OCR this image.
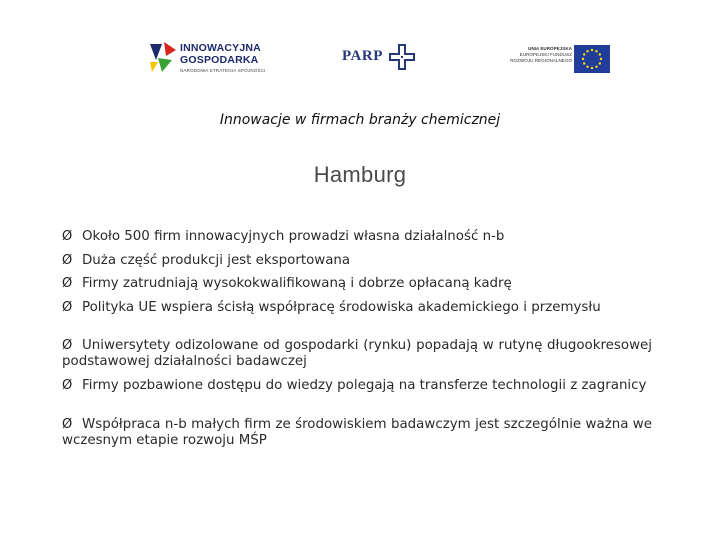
INNOWACYJNA
GOSPODARKA
NARODOWA STRATEGIA SPÓJNOŚCI
PARP	UNIA EUROPEJSKA
EUROPEJSKI FUNDUSZ
ROZWOJU REGIONALNEGO
Innowacje w firmach branży chemicznej
Hamburg
Ø Około 500 firm innowacyjnych prowadzi własna działalność n-b
Ø Duża część produkcji jest eksportowana
Ø Firmy zatrudniają wysokokwalifikowaną i dobrze opłacaną kadrę
Ø Polityka UE wspiera ścisłą współpracę środowiska akademickiego i przemysłu

Ø Uniwersytety odizolowane od gospodarki (rynku) popadają w rutynę długookresowej podstawowej działalności badawczej

Ø Firmy pozbawione dostępu do wiedzy polegają na transferze technologii z zagranicy

Ø Współpraca n-b małych firm ze środowiskiem badawczym jest szczególnie ważna we wczesnym etapie rozwoju MŚP
